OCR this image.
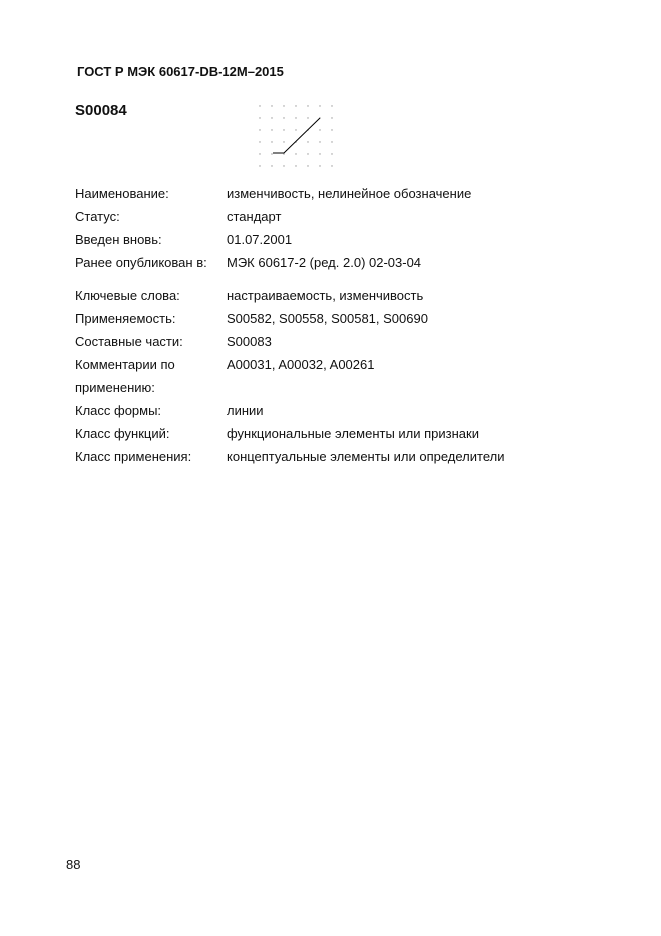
ГОСТ Р МЭК 60617-DB-12M–2015
S00084
Наименование:	изменчивость, нелинейное обозначение
Статус:	стандарт
Введен вновь:	01.07.2001
Ранее опубликован в: МЭК 60617-2 (ред. 2.0) 02-03-04
Ключевые слова:	настраиваемость, изменчивость
Применяемость:	S00582, S00558, S00581, S00690
Составные части:	S00083
Комментарии по	A00031, A00032, A00261
применению:
Класс формы:	линии
Класс функций:	функциональные элементы или признаки
Класс применения:	концептуальные элементы или определители
88
